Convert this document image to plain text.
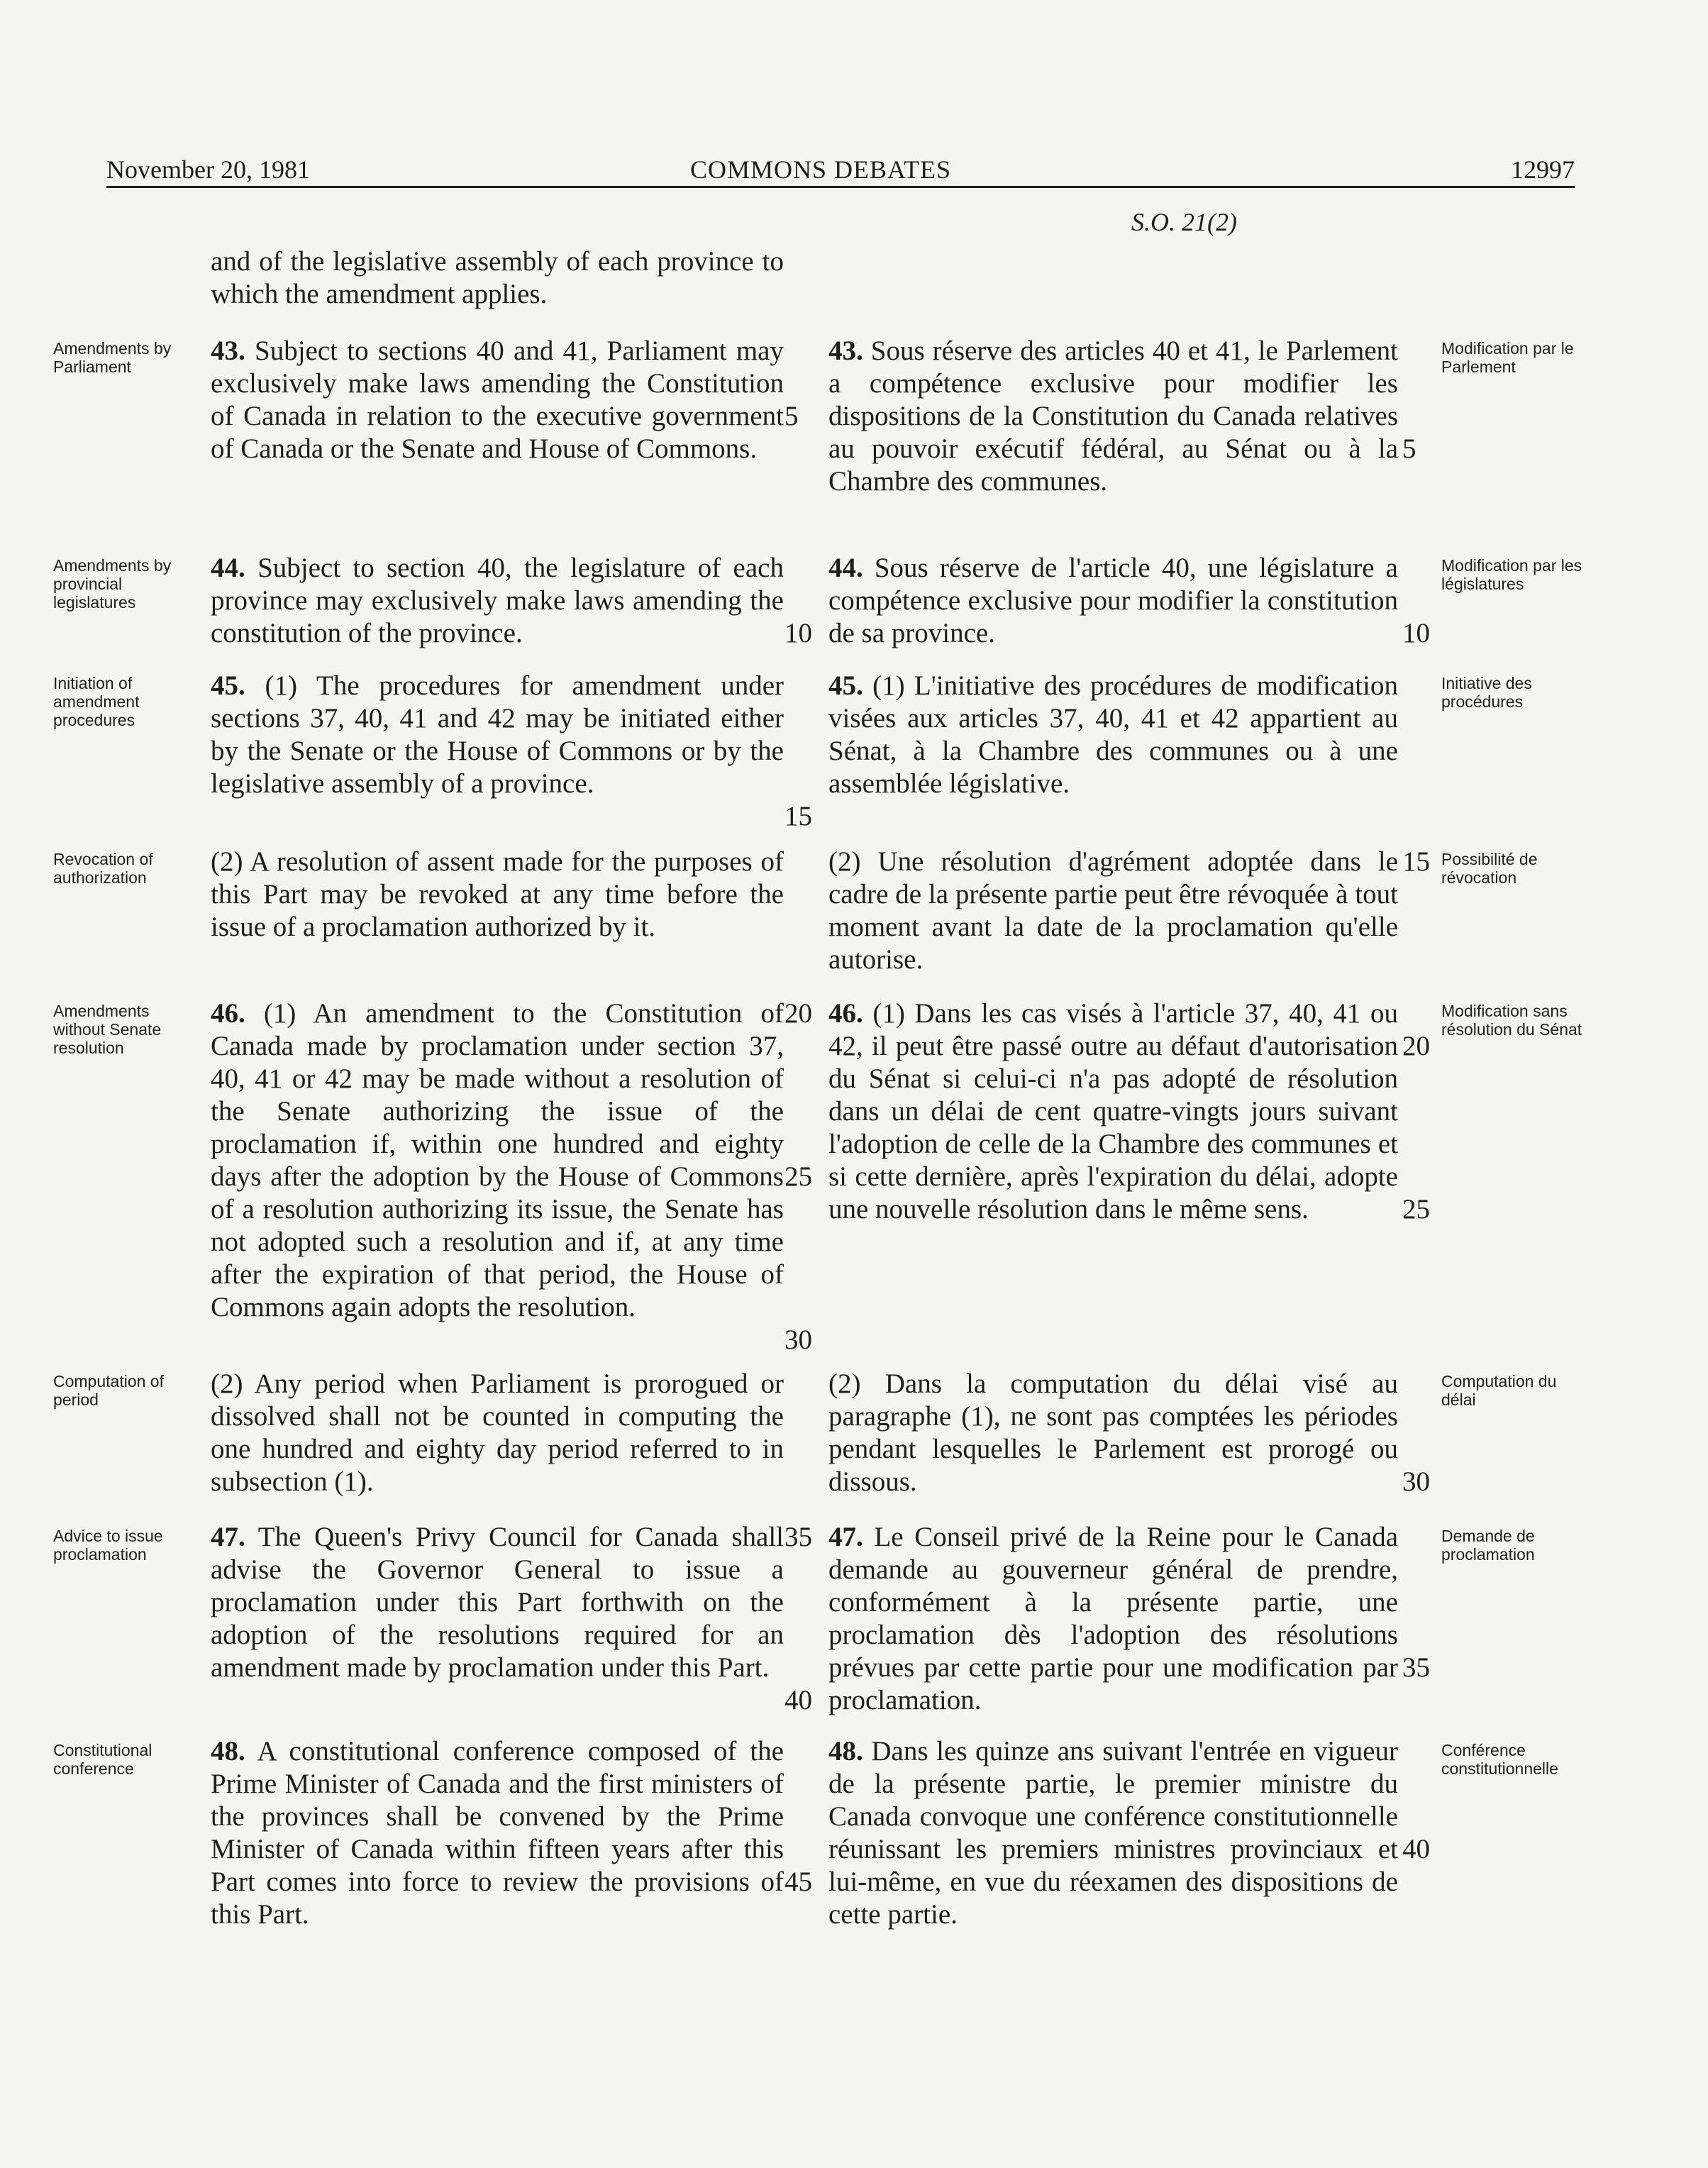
November 20, 1981	COMMONS DEBATES	12997
S.O. 21(2)

and of the legislative assembly of each province to which the amendment applies.

Amendments by Parliament

43. Subject to sections 40 and 41, Parliament may exclusively make laws amending the Constitution of Canada in relation to the executive government of Canada or the Senate and House of Commons.

43. Sous réserve des articles 40 et 41, le Parlement a compétence exclusive pour modifier les dispositions de la Constitution du Canada relatives au pouvoir exécutif fédéral, au Sénat ou à la Chambre des communes.

Modification par le Parlement
Amendments by provincial legislatures

44. Subject to section 40, the legislature of each province may exclusively make laws amending the constitution of the province.

44. Sous réserve de l'article 40, une législature a compétence exclusive pour modifier la constitution de sa province.

Modification par les législatures
Initiation of amendment procedures

45. (1) The procedures for amendment under sections 37, 40, 41 and 42 may be initiated either by the Senate or the House of Commons or by the legislative assembly of a province.

45. (1) L'initiative des procédures de modification visées aux articles 37, 40, 41 et 42 appartient au Sénat, à la Chambre des communes ou à une assemblée législative.

Initiative des procédures
Revocation of authorization

(2) A resolution of assent made for the purposes of this Part may be revoked at any time before the issue of a proclamation authorized by it.

(2) Une résolution d'agrément adoptée dans le cadre de la présente partie peut être révoquée à tout moment avant la date de la proclamation qu'elle autorise.

Possibilité de révocation
Amendments without Senate resolution

46. (1) An amendment to the Constitution of Canada made by proclamation under section 37, 40, 41 or 42 may be made without a resolution of the Senate authorizing the issue of the proclamation if, within one hundred and eighty days after the adoption by the House of Commons of a resolution authorizing its issue, the Senate has not adopted such a resolution and if, at any time after the expiration of that period, the House of Commons again adopts the resolution.

46. (1) Dans les cas visés à l'article 37, 40, 41 ou 42, il peut être passé outre au défaut d'autorisation du Sénat si celui-ci n'a pas adopté de résolution dans un délai de cent quatre-vingts jours suivant l'adoption de celle de la Chambre des communes et si cette dernière, après l'expiration du délai, adopte une nouvelle résolution dans le même sens.

Modification sans résolution du Sénat
Computation of period

(2) Any period when Parliament is prorogued or dissolved shall not be counted in computing the one hundred and eighty day period referred to in subsection (1).

(2) Dans la computation du délai visé au paragraphe (1), ne sont pas comptées les périodes pendant lesquelles le Parlement est prorogé ou dissous.

Computation du délai
Advice to issue proclamation

47. The Queen's Privy Council for Canada shall advise the Governor General to issue a proclamation under this Part forthwith on the adoption of the resolutions required for an amendment made by proclamation under this Part.

47. Le Conseil privé de la Reine pour le Canada demande au gouverneur général de prendre, conformément à la présente partie, une proclamation dès l'adoption des résolutions prévues par cette partie pour une modification par proclamation.

Demande de proclamation
Constitutional conference

48. A constitutional conference composed of the Prime Minister of Canada and the first ministers of the provinces shall be convened by the Prime Minister of Canada within fifteen years after this Part comes into force to review the provisions of this Part.

48. Dans les quinze ans suivant l'entrée en vigueur de la présente partie, le premier ministre du Canada convoque une conférence constitutionnelle réunissant les premiers ministres provinciaux et lui-même, en vue du réexamen des dispositions de cette partie.

Conférence constitutionnelle
5
10
15
20
25
30
35
40
45
5
10
15
20
25
30
35
40
